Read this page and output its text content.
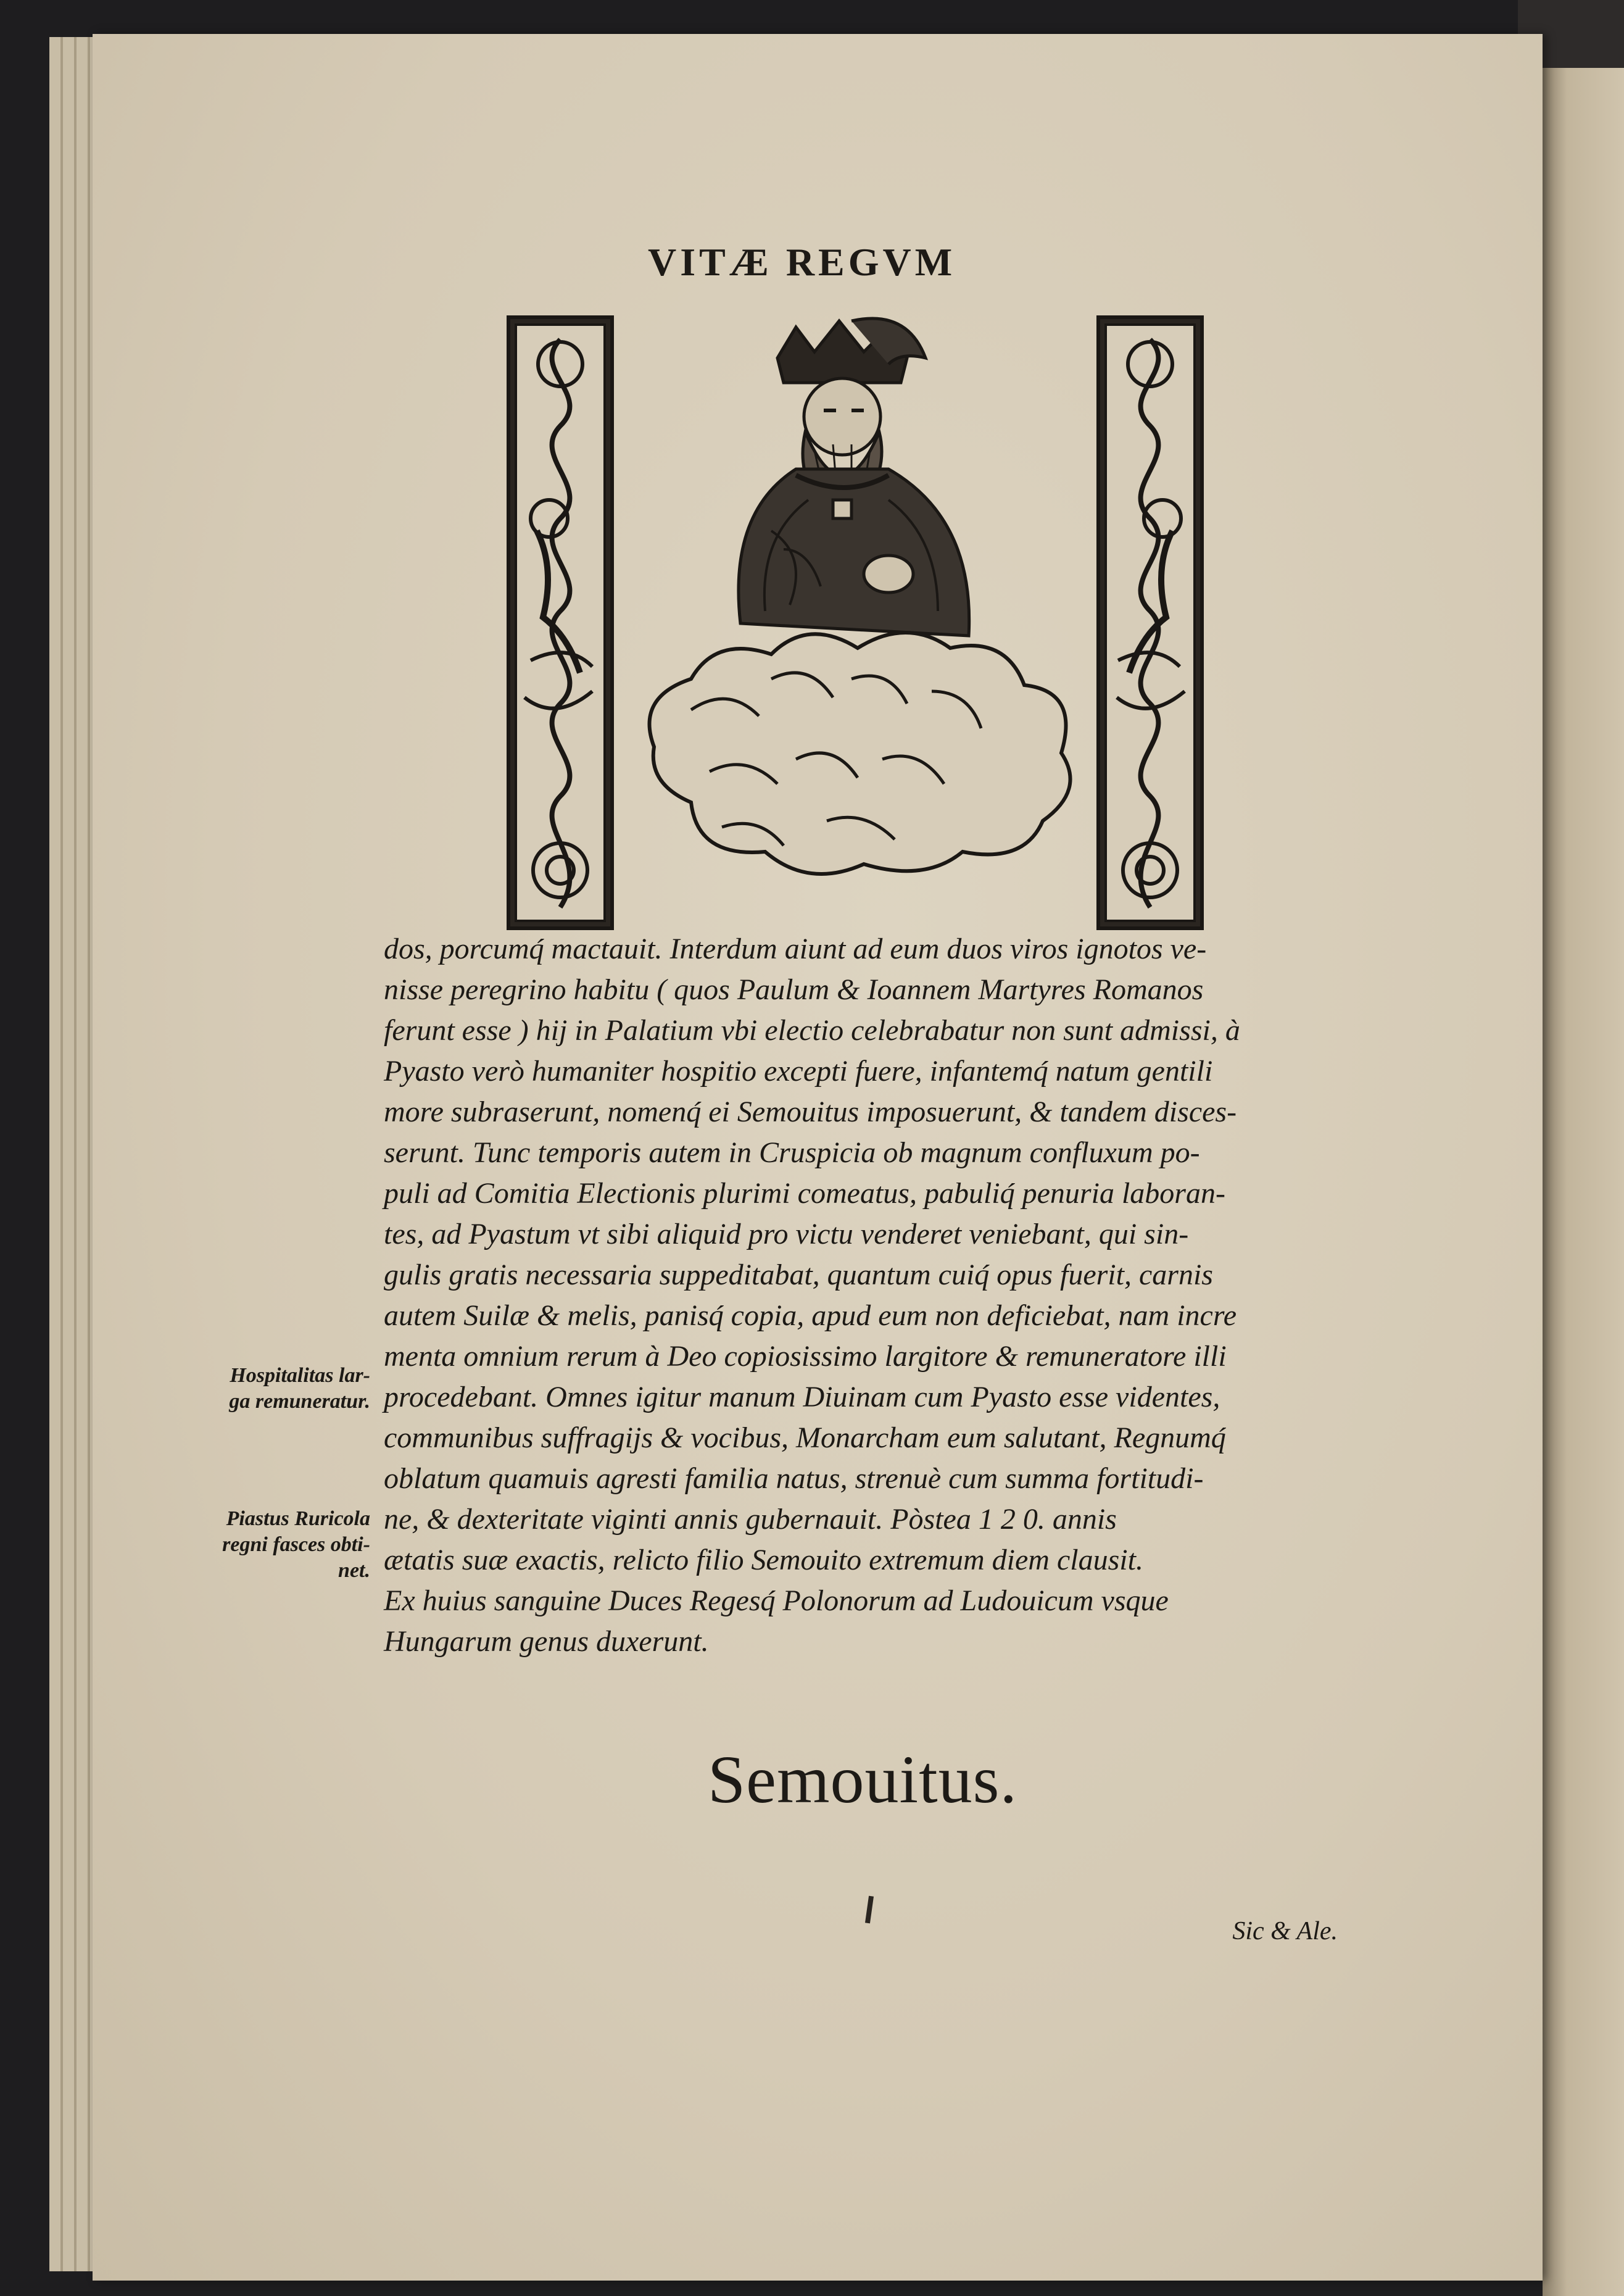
VITÆ REGVM
dos, porcumq́ mactauit. Interdum aiunt ad eum duos viros ignotos ve-
nisse peregrino habitu ( quos Paulum & Ioannem Martyres Romanos
ferunt esse ) hij in Palatium vbi electio celebrabatur non sunt admissi, à
Pyasto verò humaniter hospitio excepti fuere, infantemq́ natum gentili
more subraserunt, nomenq́ ei Semouitus imposuerunt, & tandem disces-
serunt. Tunc temporis autem in Cruspicia ob magnum confluxum po-
puli ad Comitia Electionis plurimi comeatus, pabuliq́ penuria laboran-
tes, ad Pyastum vt sibi aliquid pro victu venderet veniebant, qui sin-
gulis gratis necessaria suppeditabat, quantum cuiq́ opus fuerit, carnis
autem Suilæ & melis, panisq́ copia, apud eum non deficiebat, nam incre
menta omnium rerum à Deo copiosissimo largitore & remuneratore illi
procedebant. Omnes igitur manum Diuinam cum Pyasto esse videntes,
communibus suffragijs & vocibus, Monarcham eum salutant, Regnumq́
oblatum quamuis agresti familia natus, strenuè cum summa fortitudi-
ne, & dexteritate viginti annis gubernauit. Pòstea 1 2 0. annis
ætatis suæ exactis, relicto filio Semouito extremum diem clausit.
Ex huius sanguine Duces Regesq́ Polonorum ad Ludouicum vsque
Hungarum genus duxerunt.
Hospitalitas lar-
ga remuneratur.
Piastus Ruricola
regni fasces obti-
net.
Semouitus.
Sic & Ale.
